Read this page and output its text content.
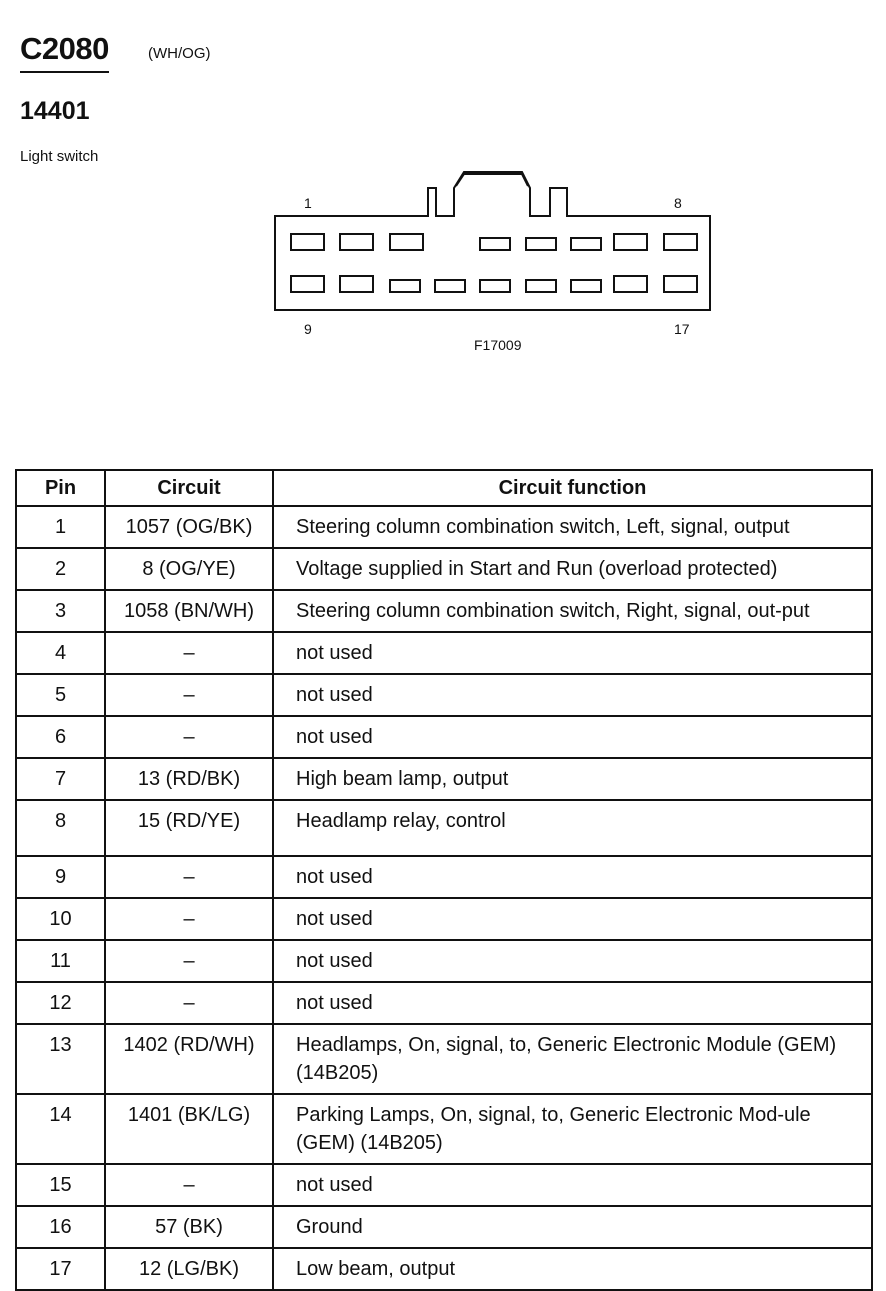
C2080	(WH/OG)
14401
Light switch
1	8
9	17
F17009
Pin	Circuit	Circuit function
1	1057 (OG/BK)	Steering column combination switch, Left, signal, output
2	8 (OG/YE)	Voltage supplied in Start and Run (overload protected)
3	1058 (BN/WH)	Steering column combination switch, Right, signal, out-put
4	–	not used
5	–	not used
6	–	not used
7	13 (RD/BK)	High beam lamp, output
8	15 (RD/YE)	Headlamp relay, control
9	–	not used
10	–	not used
11	–	not used
12	–	not used
13	1402 (RD/WH)	Headlamps, On, signal, to, Generic Electronic Module (GEM) (14B205)
14	1401 (BK/LG)	Parking Lamps, On, signal, to, Generic Electronic Mod-ule (GEM) (14B205)
15	–	not used
16	57 (BK)	Ground
17	12 (LG/BK)	Low beam, output
